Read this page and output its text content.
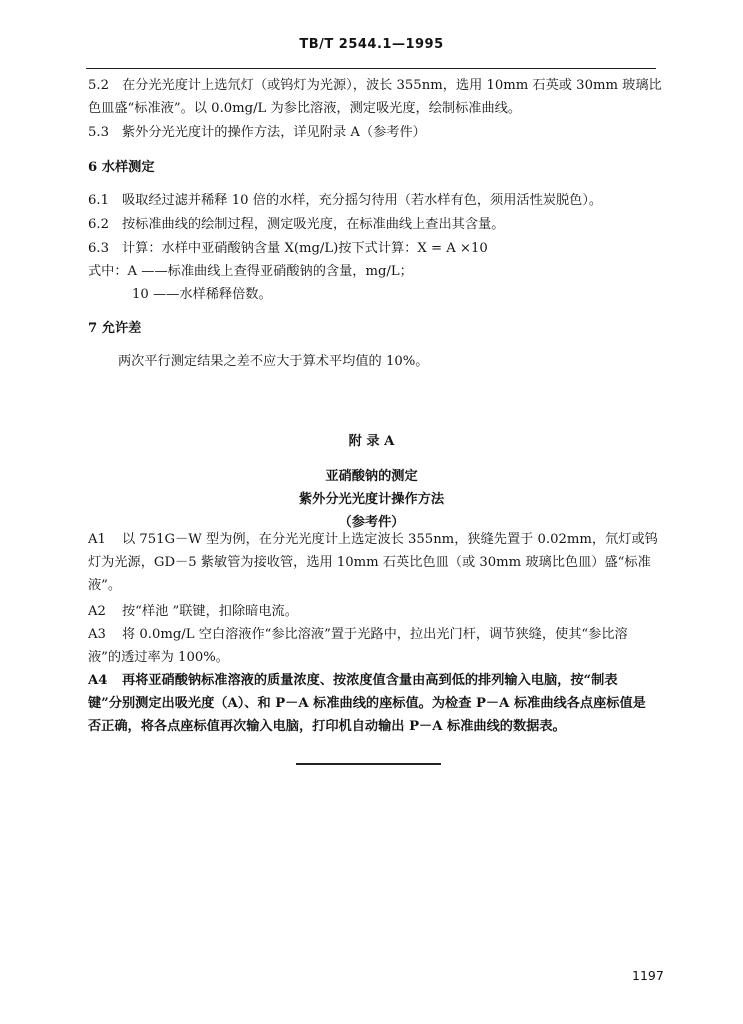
TB/T 2544.1—1995
5.2 在分光光度计上选氘灯（或钨灯为光源），波长 355nm，选用 10mm 石英或 30mm 玻璃比
色皿盛“标准液”。以 0.0mg/L 为参比溶液，测定吸光度，绘制标准曲线。
5.3 紫外分光光度计的操作方法，详见附录 A（参考件）
6 水样测定
6.1 吸取经过滤并稀释 10 倍的水样，充分摇匀待用（若水样有色，须用活性炭脱色）。
6.2 按标准曲线的绘制过程，测定吸光度，在标准曲线上查出其含量。
6.3 计算：水样中亚硝酸钠含量 X(mg/L)按下式计算：X = A ×10
式中：A ——标准曲线上查得亚硝酸钠的含量，mg/L；
10 ——水样稀释倍数。
7 允许差
两次平行测定结果之差不应大于算术平均值的 10%。
附 录 A
亚硝酸钠的测定
紫外分光光度计操作方法
（参考件）
A1 以 751G－W 型为例，在分光光度计上选定波长 355nm，狭缝先置于 0.02mm，氘灯或钨
灯为光源，GD－5 紫敏管为接收管，选用 10mm 石英比色皿（或 30mm 玻璃比色皿）盛“标准
液”。
A2 按“样池 ”联键，扣除暗电流。
A3 将 0.0mg/L 空白溶液作“参比溶液”置于光路中，拉出光门杆，调节狭缝，使其“参比溶
液”的透过率为 100%。
A4 再将亚硝酸钠标准溶液的质量浓度、按浓度值含量由高到低的排列输入电脑，按“制表
键”分别测定出吸光度（A）、和 P－A 标准曲线的座标值。为检查 P－A 标准曲线各点座标值是
否正确，将各点座标值再次输入电脑，打印机自动输出 P－A 标准曲线的数据表。
1197
